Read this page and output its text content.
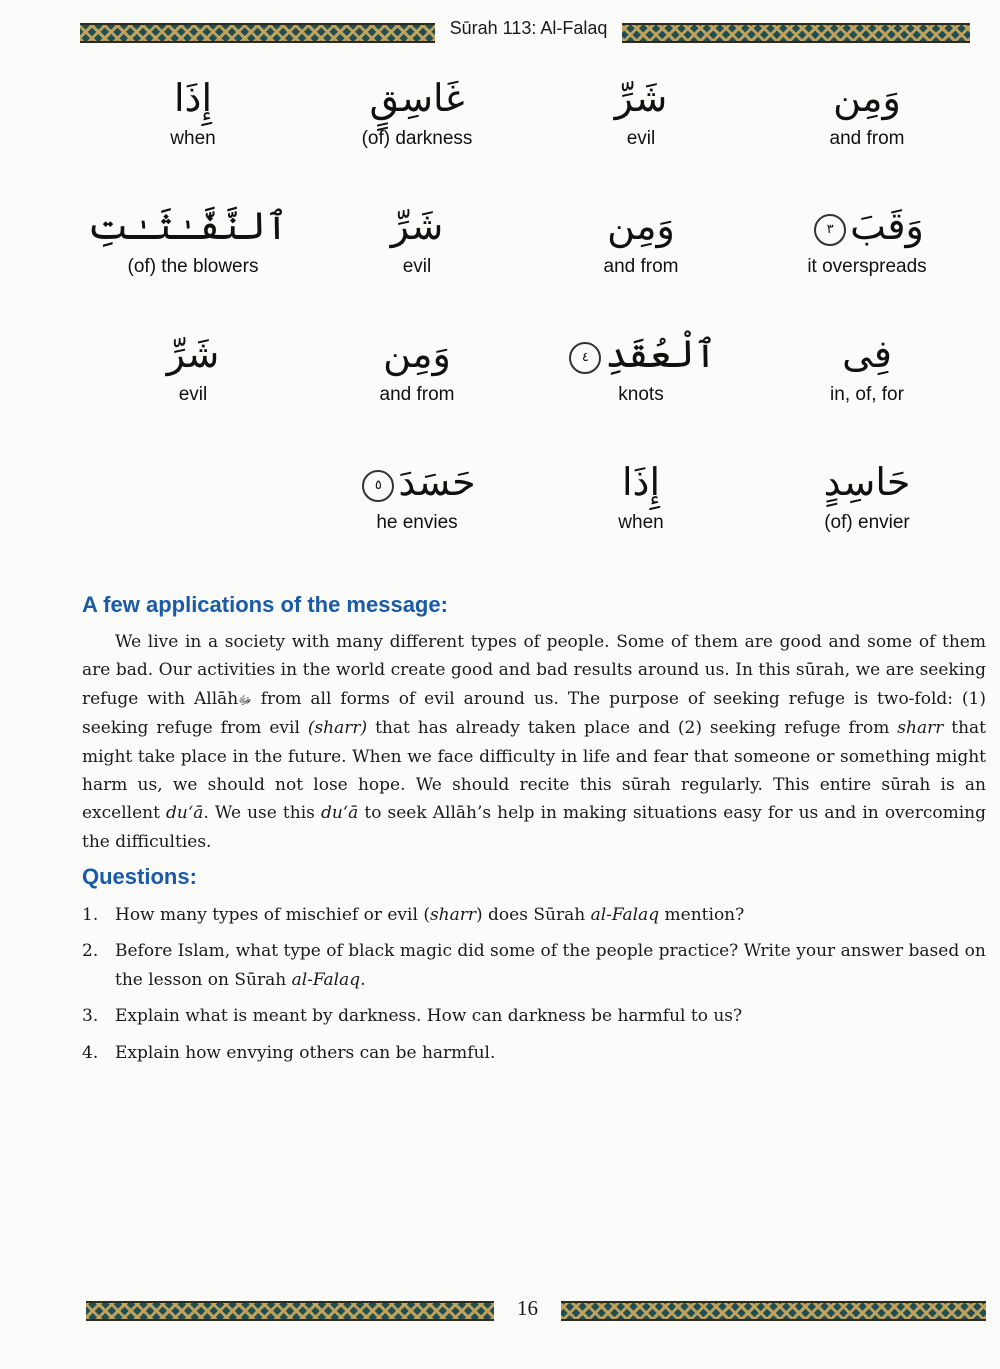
Sūrah 113: Al-Falaq
وَمِن
and from
شَرِّ
evil
غَاسِقٍ
(of) darkness
إِذَا
when
وَقَبَ٣
it overspreads
وَمِن
and from
شَرِّ
evil
ٱلنَّفَّـٰثَـٰتِ
(of) the blowers
فِى
in, of, for
ٱلْعُقَدِ٤
knots
وَمِن
and from
شَرِّ
evil
حَاسِدٍ
(of) envier
إِذَا
when
حَسَدَ٥
he envies
A few applications of the message:

We live in a society with many different types of people. Some of them are good and some of them are bad. Our activities in the world create good and bad results around us. In this sūrah, we are seeking refuge with Allāhﷻ from all forms of evil around us. The purpose of seeking refuge is two-fold: (1) seeking refuge from evil (sharr) that has already taken place and (2) seeking refuge from sharr that might take place in the future. When we face difficulty in life and fear that someone or something might harm us, we should not lose hope. We should recite this sūrah regularly. This entire sūrah is an excellent du‘ā. We use this du‘ā to seek Allāh’s help in making situations easy for us and in overcoming the difficulties.

Questions:
1. How many types of mischief or evil (sharr) does Sūrah al-Falaq mention?
2. Before Islam, what type of black magic did some of the people practice? Write your answer based on the lesson on Sūrah al-Falaq.
3. Explain what is meant by darkness. How can darkness be harmful to us?
4. Explain how envying others can be harmful.
16
